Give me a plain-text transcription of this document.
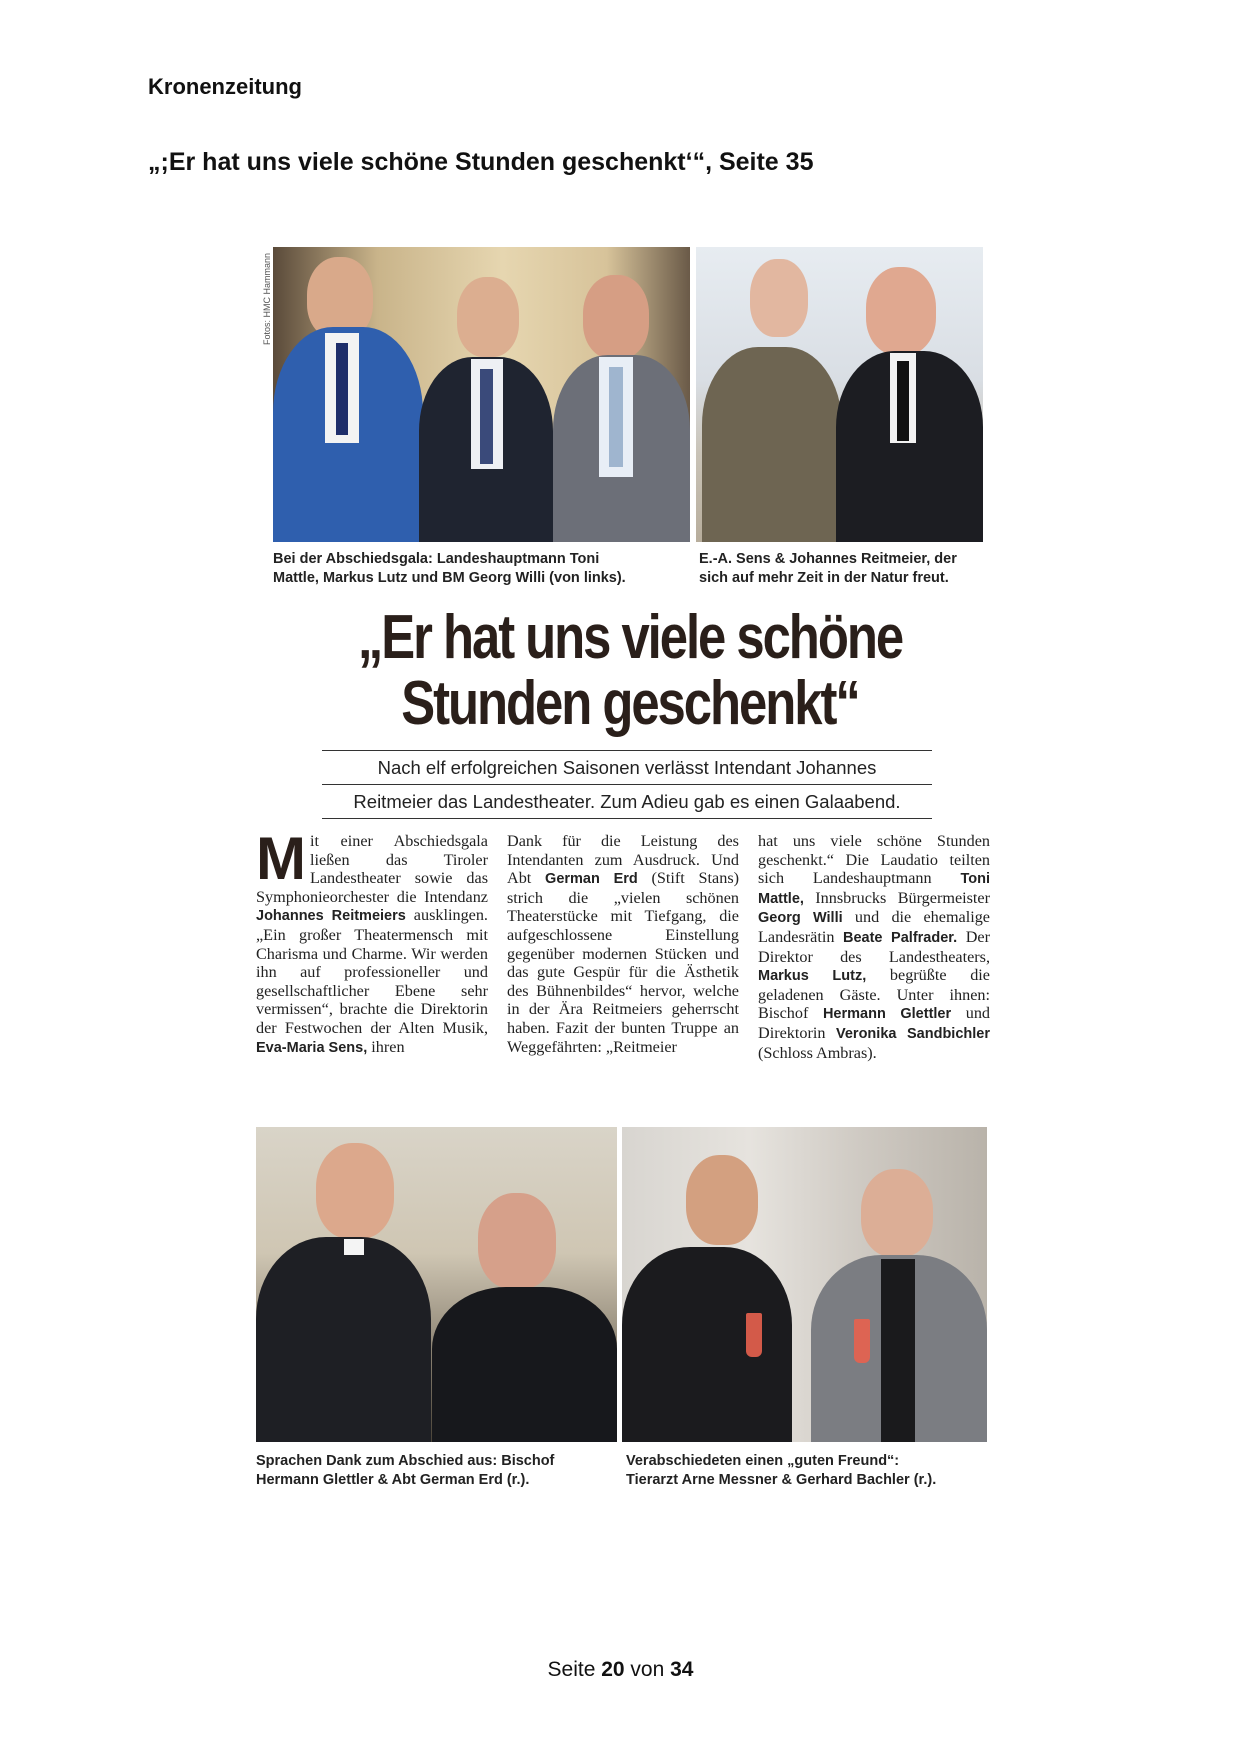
Kronenzeitung
„;Er hat uns viele schöne Stunden geschenkt‘“, Seite 35
Fotos: HMC Hammann
Bei der Abschiedsgala: Landeshauptmann Toni
Mattle, Markus Lutz und BM Georg Willi (von links).
E.-A. Sens & Johannes Reitmeier, der
sich auf mehr Zeit in der Natur freut.
„Er hat uns viele schöne
Stunden geschenkt“
Nach elf erfolgreichen Saisonen verlässt Intendant Johannes
Reitmeier das Landestheater. Zum Adieu gab es einen Galaabend.
Mit einer Abschiedsgala ließen das Tiroler Landestheater sowie das Symphonieorchester die Intendanz Johannes Reitmeiers ausklingen. „Ein großer Theatermensch mit Charisma und Charme. Wir werden ihn auf professioneller und gesellschaftlicher Ebene sehr vermissen“, brachte die Direktorin der Festwochen der Alten Musik, Eva-Maria Sens, ihren
Dank für die Leistung des Intendanten zum Ausdruck. Und Abt German Erd (Stift Stans) strich die „vielen schönen Theaterstücke mit Tiefgang, die aufgeschlossene Einstellung gegenüber modernen Stücken und das gute Gespür für die Ästhetik des Bühnenbildes“ hervor, welche in der Ära Reitmeiers geherrscht haben. Fazit der bunten Truppe an Weggefährten: „Reitmeier
hat uns viele schöne Stunden geschenkt.“ Die Laudatio teilten sich Landeshauptmann Toni Mattle, Innsbrucks Bürgermeister Georg Willi und die ehemalige Landesrätin Beate Palfrader. Der Direktor des Landestheaters, Markus Lutz, begrüßte die geladenen Gäste. Unter ihnen: Bischof Hermann Glettler und Direktorin Veronika Sandbichler (Schloss Ambras).
Sprachen Dank zum Abschied aus: Bischof
Hermann Glettler & Abt German Erd (r.).
Verabschiedeten einen „guten Freund“:
Tierarzt Arne Messner & Gerhard Bachler (r.).
Seite 20 von 34
